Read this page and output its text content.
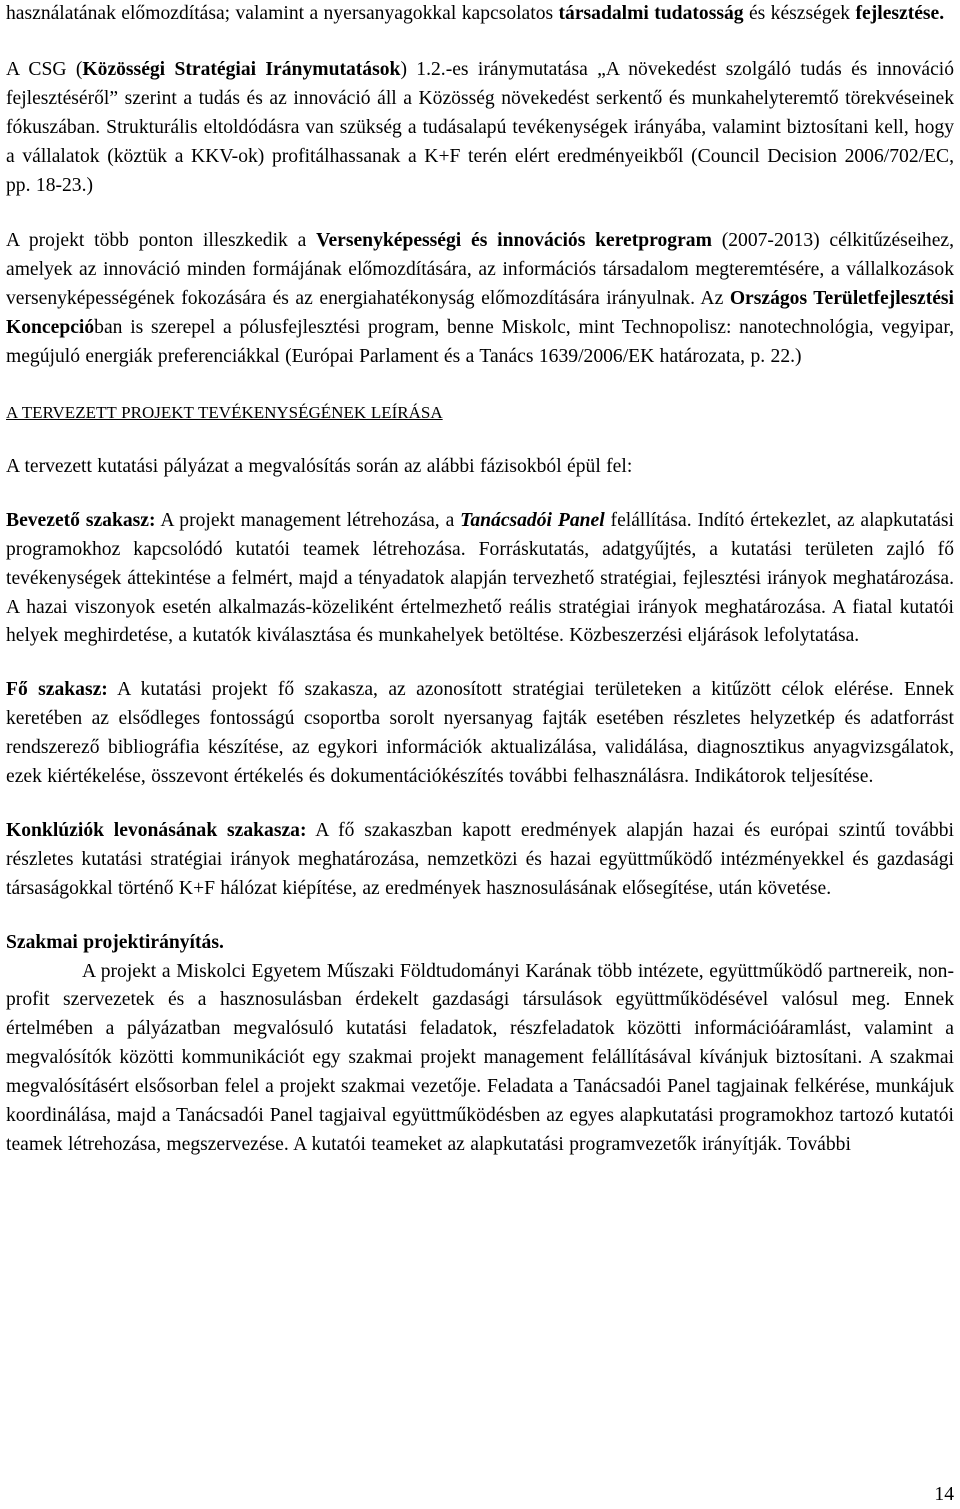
használatának előmozdítása; valamint a nyersanyagokkal kapcsolatos társadalmi tudatosság és készségek fejlesztése.

A CSG (Közösségi Stratégiai Iránymutatások) 1.2.-es iránymutatása „A növekedést szolgáló tudás és innováció fejlesztéséről” szerint a tudás és az innováció áll a Közösség növekedést serkentő és munkahelyteremtő törekvéseinek fókuszában. Strukturális eltoldódásra van szükség a tudásalapú tevékenységek irányába, valamint biztosítani kell, hogy a vállalatok (köztük a KKV-ok) profitálhassanak a K+F terén elért eredményeikből (Council Decision 2006/702/EC, pp. 18-23.)

A projekt több ponton illeszkedik a Versenyképességi és innovációs keretprogram (2007-2013) célkitűzéseihez, amelyek az innováció minden formájának előmozdítására, az információs társadalom megteremtésére, a vállalkozások versenyképességének fokozására és az energiahatékonyság előmozdítására irányulnak. Az Országos Területfejlesztési Koncepcióban is szerepel a pólusfejlesztési program, benne Miskolc, mint Technopolisz: nanotechnológia, vegyipar, megújuló energiák preferenciákkal (Európai Parlament és a Tanács 1639/2006/EK határozata, p. 22.)

A TERVEZETT PROJEKT TEVÉKENYSÉGÉNEK LEÍRÁSA

A tervezett kutatási pályázat a megvalósítás során az alábbi fázisokból épül fel:

Bevezető szakasz: A projekt management létrehozása, a Tanácsadói Panel felállítása. Indító értekezlet, az alapkutatási programokhoz kapcsolódó kutatói teamek létrehozása. Forráskutatás, adatgyűjtés, a kutatási területen zajló fő tevékenységek áttekintése a felmért, majd a tényadatok alapján tervezhető stratégiai, fejlesztési irányok meghatározása. A hazai viszonyok esetén alkalmazás-közeliként értelmezhető reális stratégiai irányok meghatározása. A fiatal kutatói helyek meghirdetése, a kutatók kiválasztása és munkahelyek betöltése. Közbeszerzési eljárások lefolytatása.

Fő szakasz: A kutatási projekt fő szakasza, az azonosított stratégiai területeken a kitűzött célok elérése. Ennek keretében az elsődleges fontosságú csoportba sorolt nyersanyag fajták esetében részletes helyzetkép és adatforrást rendszerező bibliográfia készítése, az egykori információk aktualizálása, validálása, diagnosztikus anyagvizsgálatok, ezek kiértékelése, összevont értékelés és dokumentációkészítés további felhasználásra. Indikátorok teljesítése.

Konklúziók levonásának szakasza: A fő szakaszban kapott eredmények alapján hazai és európai szintű további részletes kutatási stratégiai irányok meghatározása, nemzetközi és hazai együttműködő intézményekkel és gazdasági társaságokkal történő K+F hálózat kiépítése, az eredmények hasznosulásának elősegítése, után követése.

Szakmai projektirányítás.

A projekt a Miskolci Egyetem Műszaki Földtudományi Karának több intézete, együttműködő partnereik, non-profit szervezetek és a hasznosulásban érdekelt gazdasági társulások együttműködésével valósul meg. Ennek értelmében a pályázatban megvalósuló kutatási feladatok, részfeladatok közötti információáramlást, valamint a megvalósítók közötti kommunikációt egy szakmai projekt management felállításával kívánjuk biztosítani. A szakmai megvalósításért elsősorban felel a projekt szakmai vezetője. Feladata a Tanácsadói Panel tagjainak felkérése, munkájuk koordinálása, majd a Tanácsadói Panel tagjaival együttműködésben az egyes alapkutatási programokhoz tartozó kutatói teamek létrehozása, megszervezése. A kutatói teameket az alapkutatási programvezetők irányítják. További

14
